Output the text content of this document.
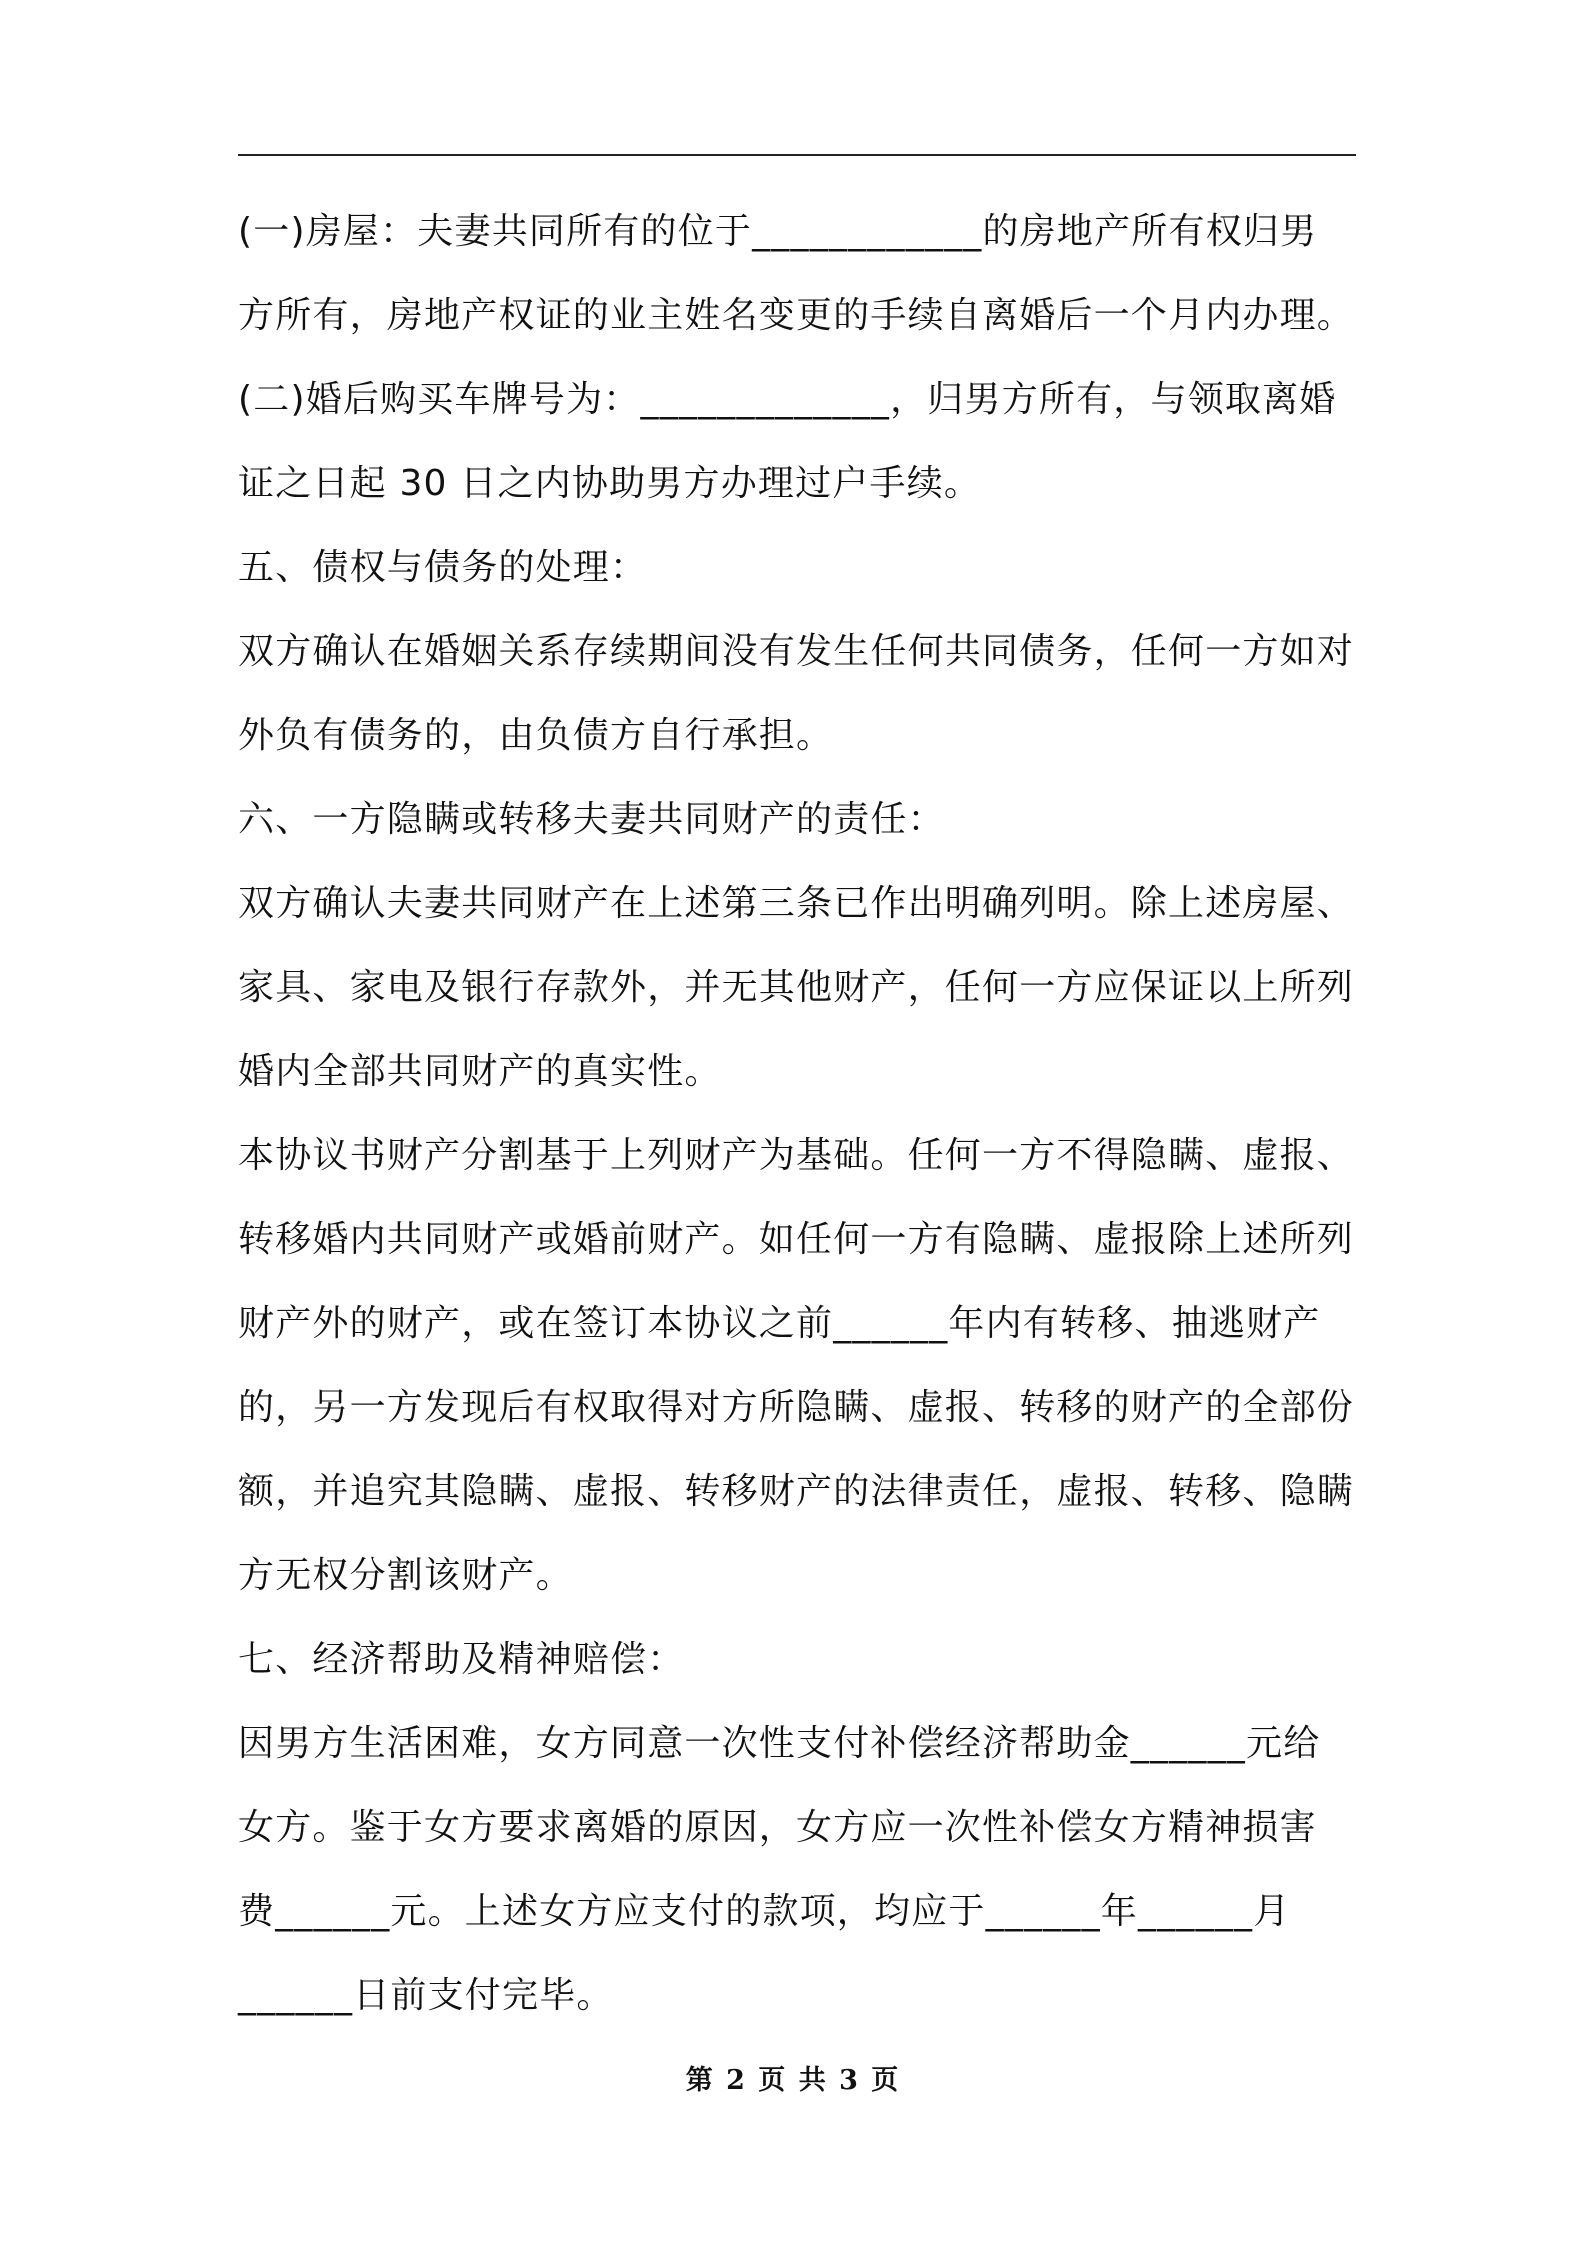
(一)房屋：夫妻共同所有的位于____________的房地产所有权归男
方所有，房地产权证的业主姓名变更的手续自离婚后一个月内办理。
(二)婚后购买车牌号为：_____________，归男方所有，与领取离婚
证之日起 30 日之内协助男方办理过户手续。
五、债权与债务的处理：
双方确认在婚姻关系存续期间没有发生任何共同债务，任何一方如对
外负有债务的，由负债方自行承担。
六、一方隐瞒或转移夫妻共同财产的责任：
双方确认夫妻共同财产在上述第三条已作出明确列明。除上述房屋、
家具、家电及银行存款外，并无其他财产，任何一方应保证以上所列
婚内全部共同财产的真实性。
本协议书财产分割基于上列财产为基础。任何一方不得隐瞒、虚报、
转移婚内共同财产或婚前财产。如任何一方有隐瞒、虚报除上述所列
财产外的财产，或在签订本协议之前______年内有转移、抽逃财产
的，另一方发现后有权取得对方所隐瞒、虚报、转移的财产的全部份
额，并追究其隐瞒、虚报、转移财产的法律责任，虚报、转移、隐瞒
方无权分割该财产。
七、经济帮助及精神赔偿：
因男方生活困难，女方同意一次性支付补偿经济帮助金______元给
女方。鉴于女方要求离婚的原因，女方应一次性补偿女方精神损害
费______元。上述女方应支付的款项，均应于______年______月
______日前支付完毕。
第 2 页 共 3 页
